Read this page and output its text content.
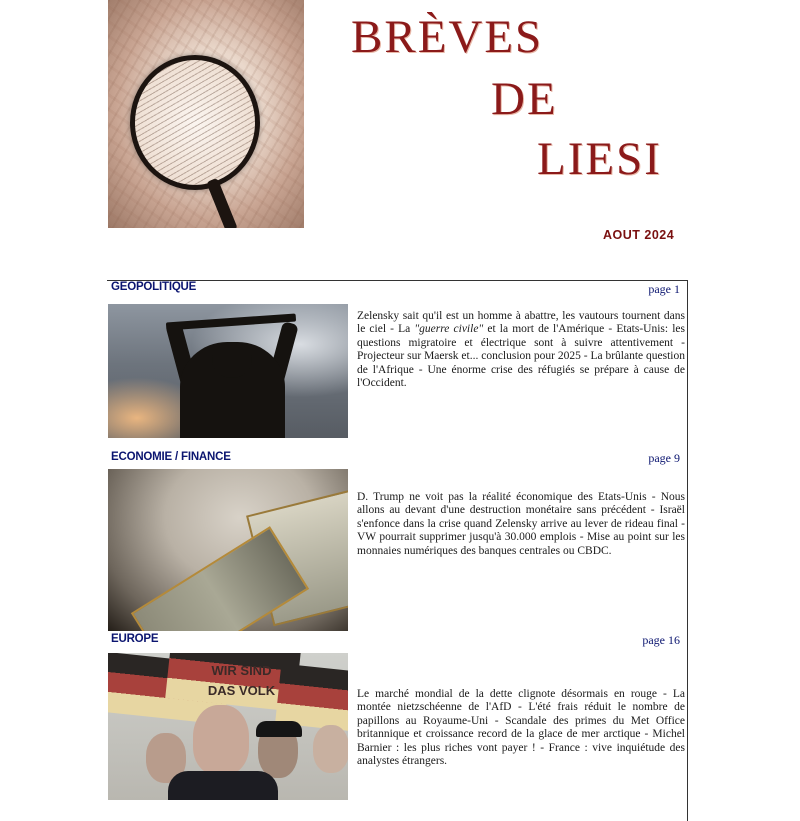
BRÈVES
DE
LIESI
AOUT 2024
GEOPOLITIQUE	page 1
Zelensky sait qu'il est un homme à abattre, les vautours tournent dans le ciel - La "guerre civile" et la mort de l'Amérique - Etats-Unis: les questions migratoire et électrique sont à suivre attentivement - Projecteur sur Maersk et... conclusion pour 2025 - La brûlante question de l'Afrique - Une énorme crise des réfugiés se prépare à cause de l'Occident.
ECONOMIE / FINANCE	page 9
D. Trump ne voit pas la réalité économique des Etats-Unis - Nous allons au devant d'une destruction monétaire sans précédent - Israël s'enfonce dans la crise quand Zelensky arrive au lever de rideau final - VW pourrait supprimer jusqu'à 30.000 emplois - Mise au point sur les monnaies numériques des banques centrales ou CBDC.
EUROPE	page 16
WIR SIND
DAS VOLK	Le marché mondial de la dette clignote désormais en rouge - La montée nietzschéenne de l'AfD - L'été frais réduit le nombre de papillons au Royaume-Uni - Scandale des primes du Met Office britannique et croissance record de la glace de mer arctique - Michel Barnier : les plus riches vont payer ! - France : vive inquiétude des analystes étrangers.
